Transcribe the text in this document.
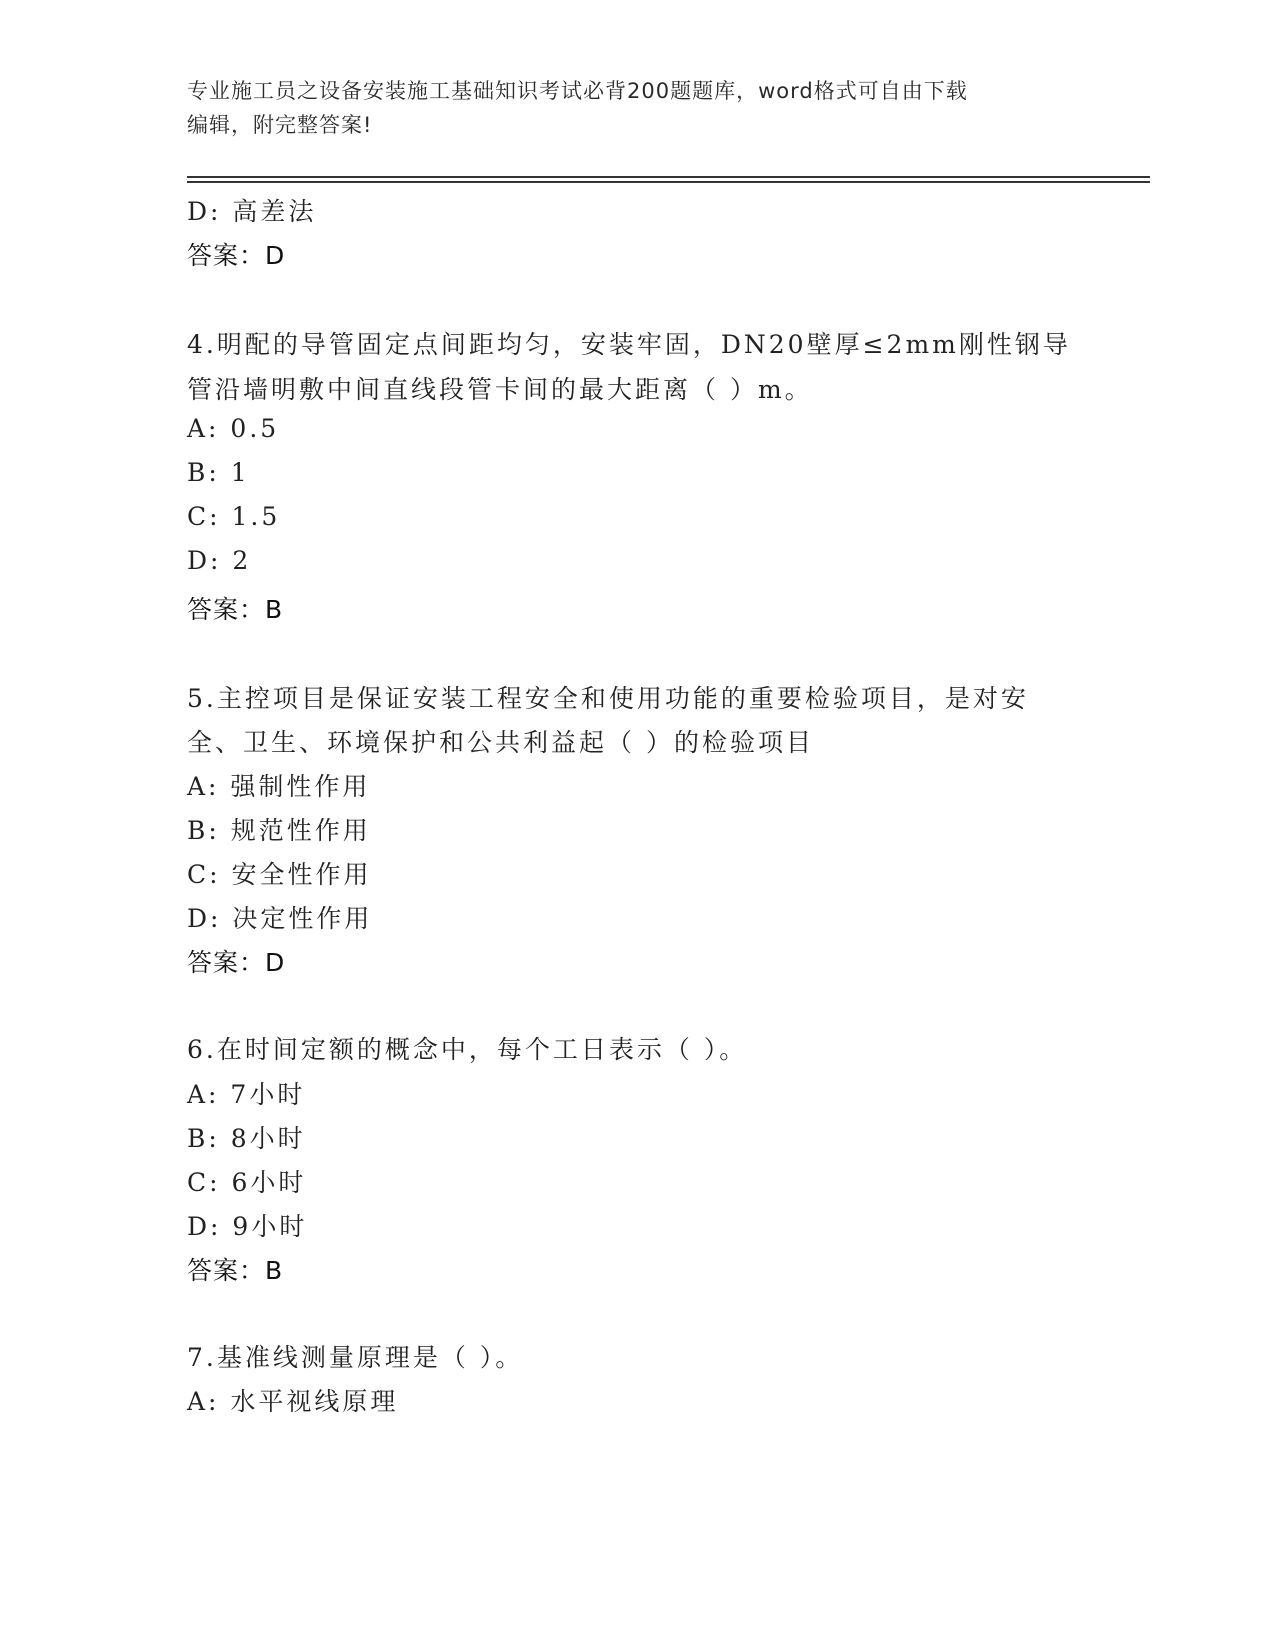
专业施工员之设备安装施工基础知识考试必背200题题库，word格式可自由下载
编辑，附完整答案!
D: 高差法
答案：D
4.明配的导管固定点间距均匀，安装牢固，DN20壁厚≤2mm刚性钢导
管沿墙明敷中间直线段管卡间的最大距离（ ）m。
A: 0.5
B: 1
C: 1.5
D: 2
答案：B
5.主控项目是保证安装工程安全和使用功能的重要检验项目，是对安
全、卫生、环境保护和公共利益起（ ）的检验项目
A: 强制性作用
B: 规范性作用
C: 安全性作用
D: 决定性作用
答案：D
6.在时间定额的概念中，每个工日表示（ ）。
A: 7小时
B: 8小时
C: 6小时
D: 9小时
答案：B
7.基准线测量原理是（ ）。
A: 水平视线原理
